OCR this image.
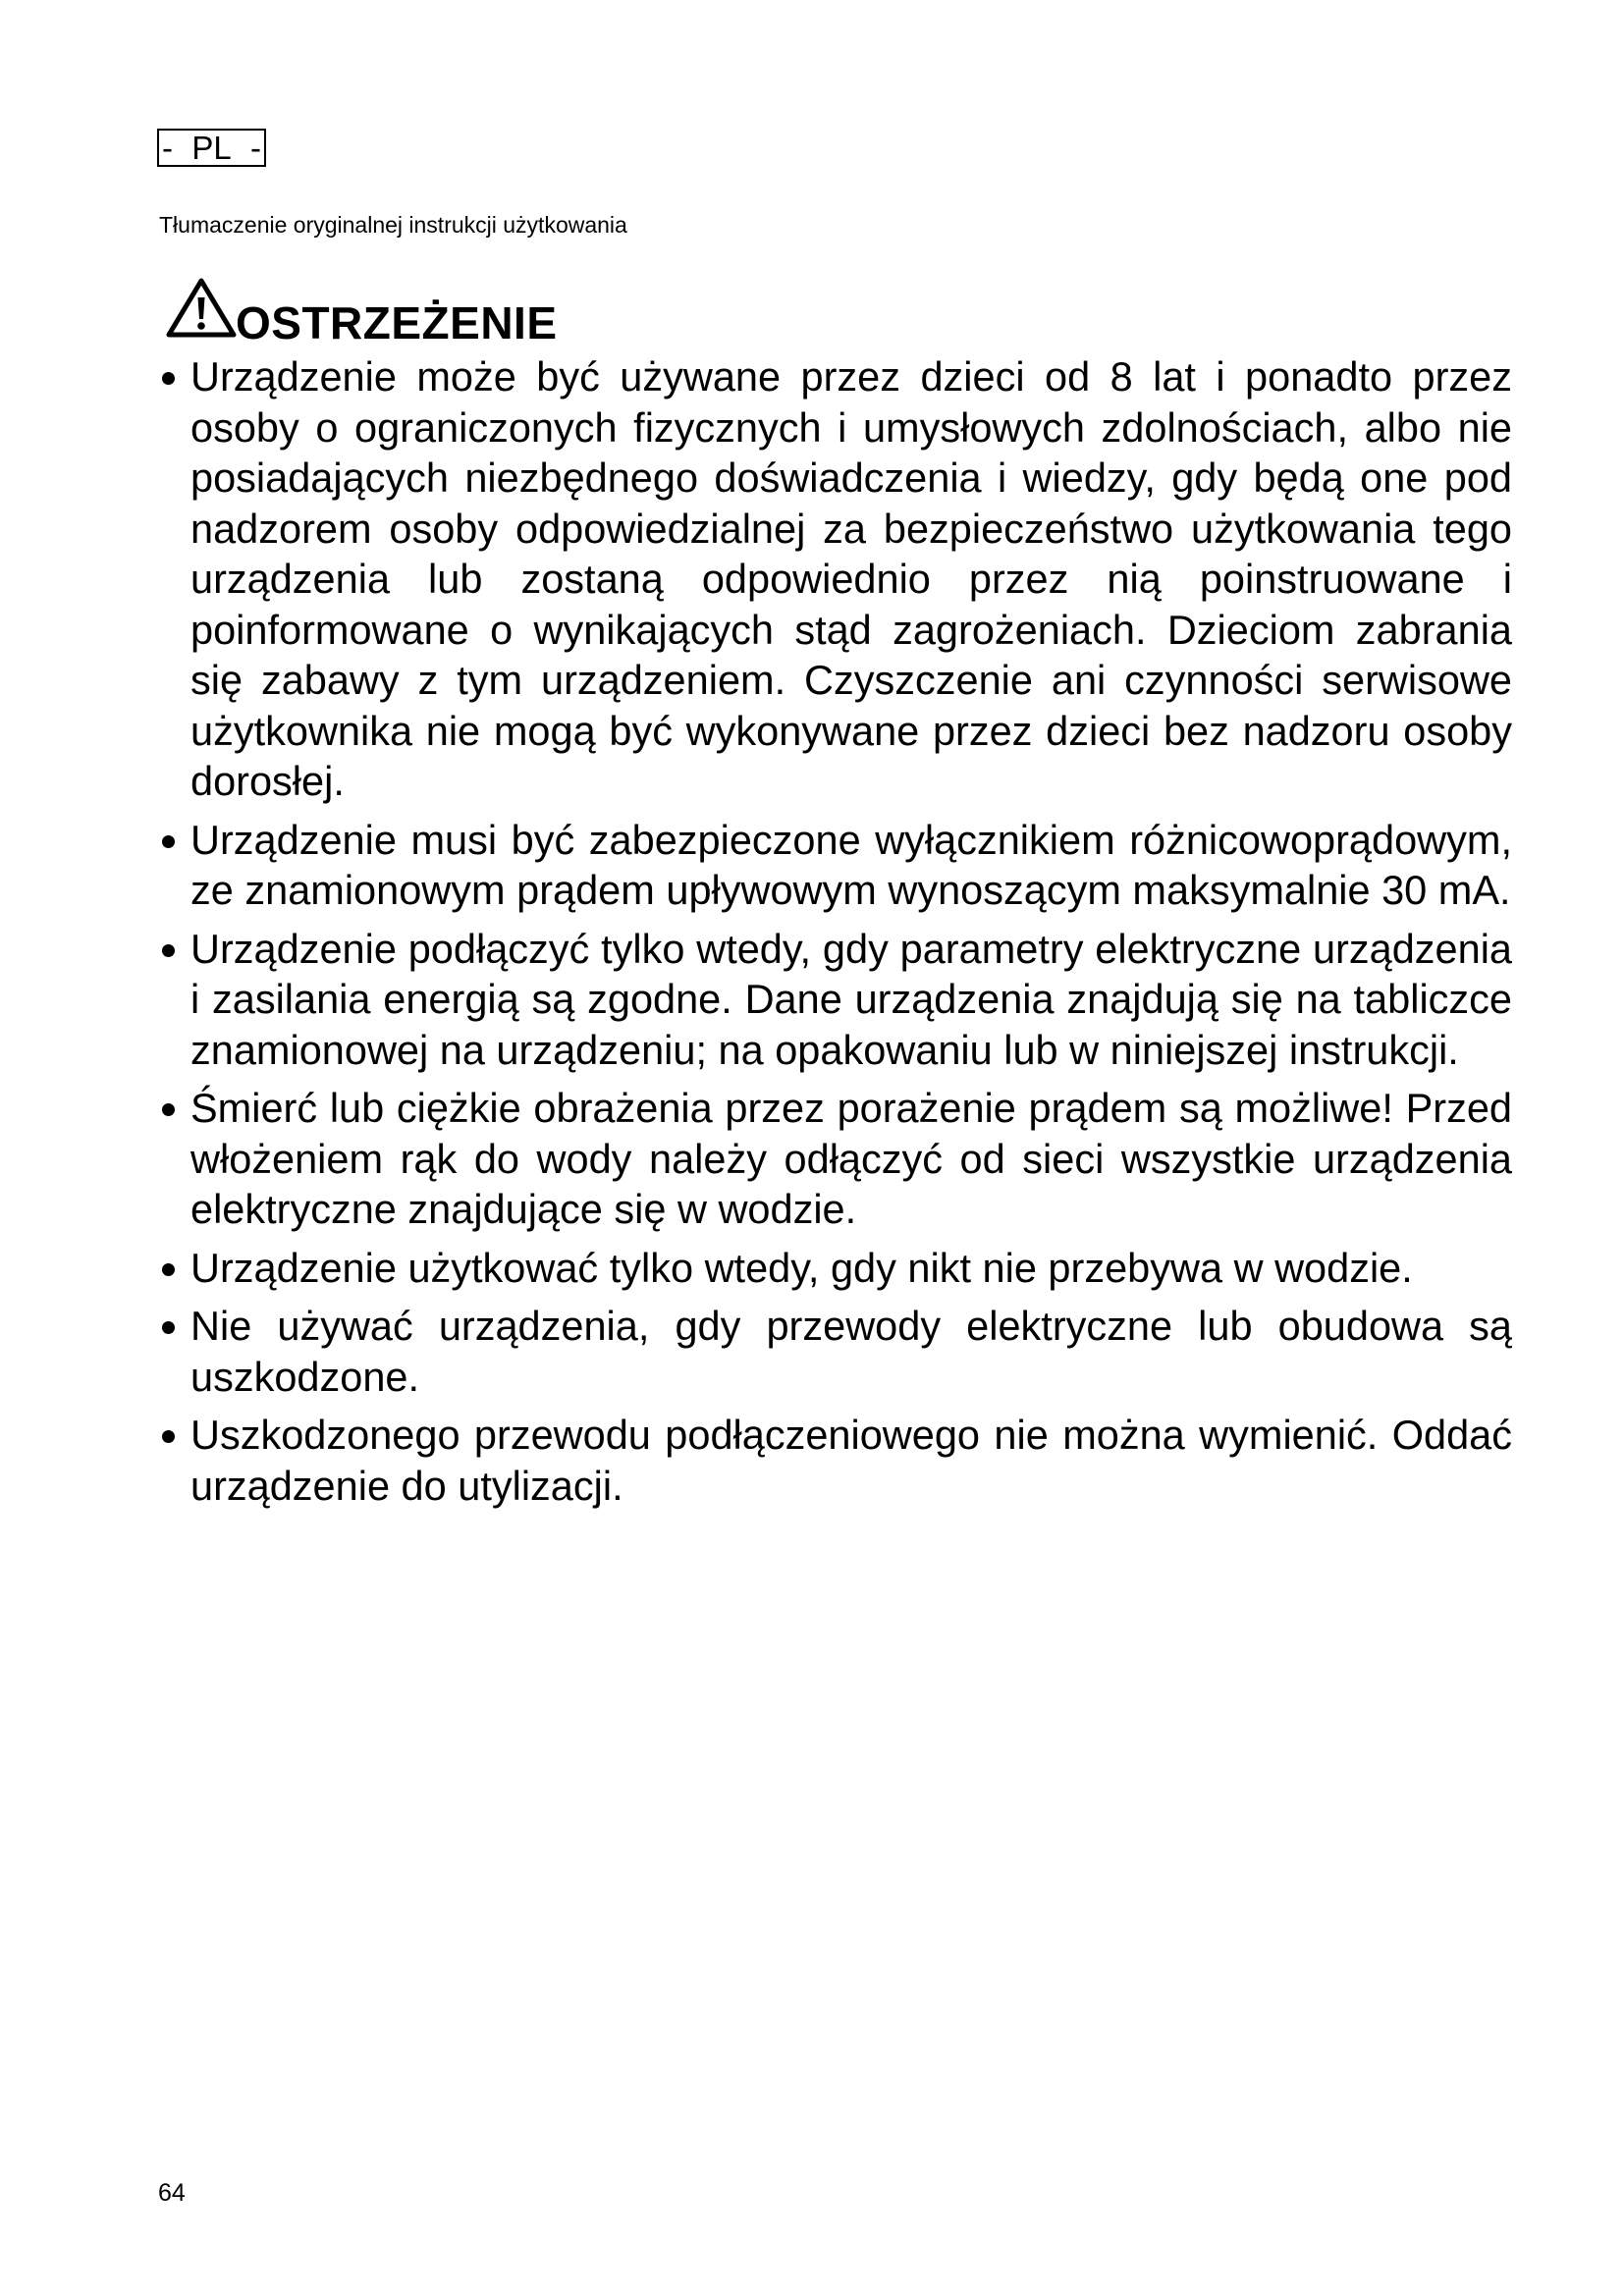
- PL -
Tłumaczenie oryginalnej instrukcji użytkowania
OSTRZEŻENIE
Urządzenie może być używane przez dzieci od 8 lat i ponadto przez osoby o ograniczonych fizycznych i umysłowych zdolnościach, albo nie posiadających niezbędnego doświadczenia i wiedzy, gdy będą one pod nadzorem osoby odpowiedzialnej za bezpieczeństwo użytkowania tego urządzenia lub zostaną odpowiednio przez nią poinstruowane i poinformowane o wynikających stąd zagrożeniach. Dzieciom zabrania się zabawy z tym urządzeniem. Czyszczenie ani czynności serwisowe użytkownika nie mogą być wykonywane przez dzieci bez nadzoru osoby dorosłej.
Urządzenie musi być zabezpieczone wyłącznikiem różnicowoprądowym, ze znamionowym prądem upływowym wynoszącym maksymalnie 30 mA.
Urządzenie podłączyć tylko wtedy, gdy parametry elektryczne urządzenia i zasilania energią są zgodne. Dane urządzenia znajdują się na tabliczce znamionowej na urządzeniu; na opakowaniu lub w niniejszej instrukcji.
Śmierć lub ciężkie obrażenia przez porażenie prądem są możliwe! Przed włożeniem rąk do wody należy odłączyć od sieci wszystkie urządzenia elektryczne znajdujące się w wodzie.
Urządzenie użytkować tylko wtedy, gdy nikt nie przebywa w wodzie.
Nie używać urządzenia, gdy przewody elektryczne lub obudowa są uszkodzone.
Uszkodzonego przewodu podłączeniowego nie można wymienić. Oddać urządzenie do utylizacji.
64
